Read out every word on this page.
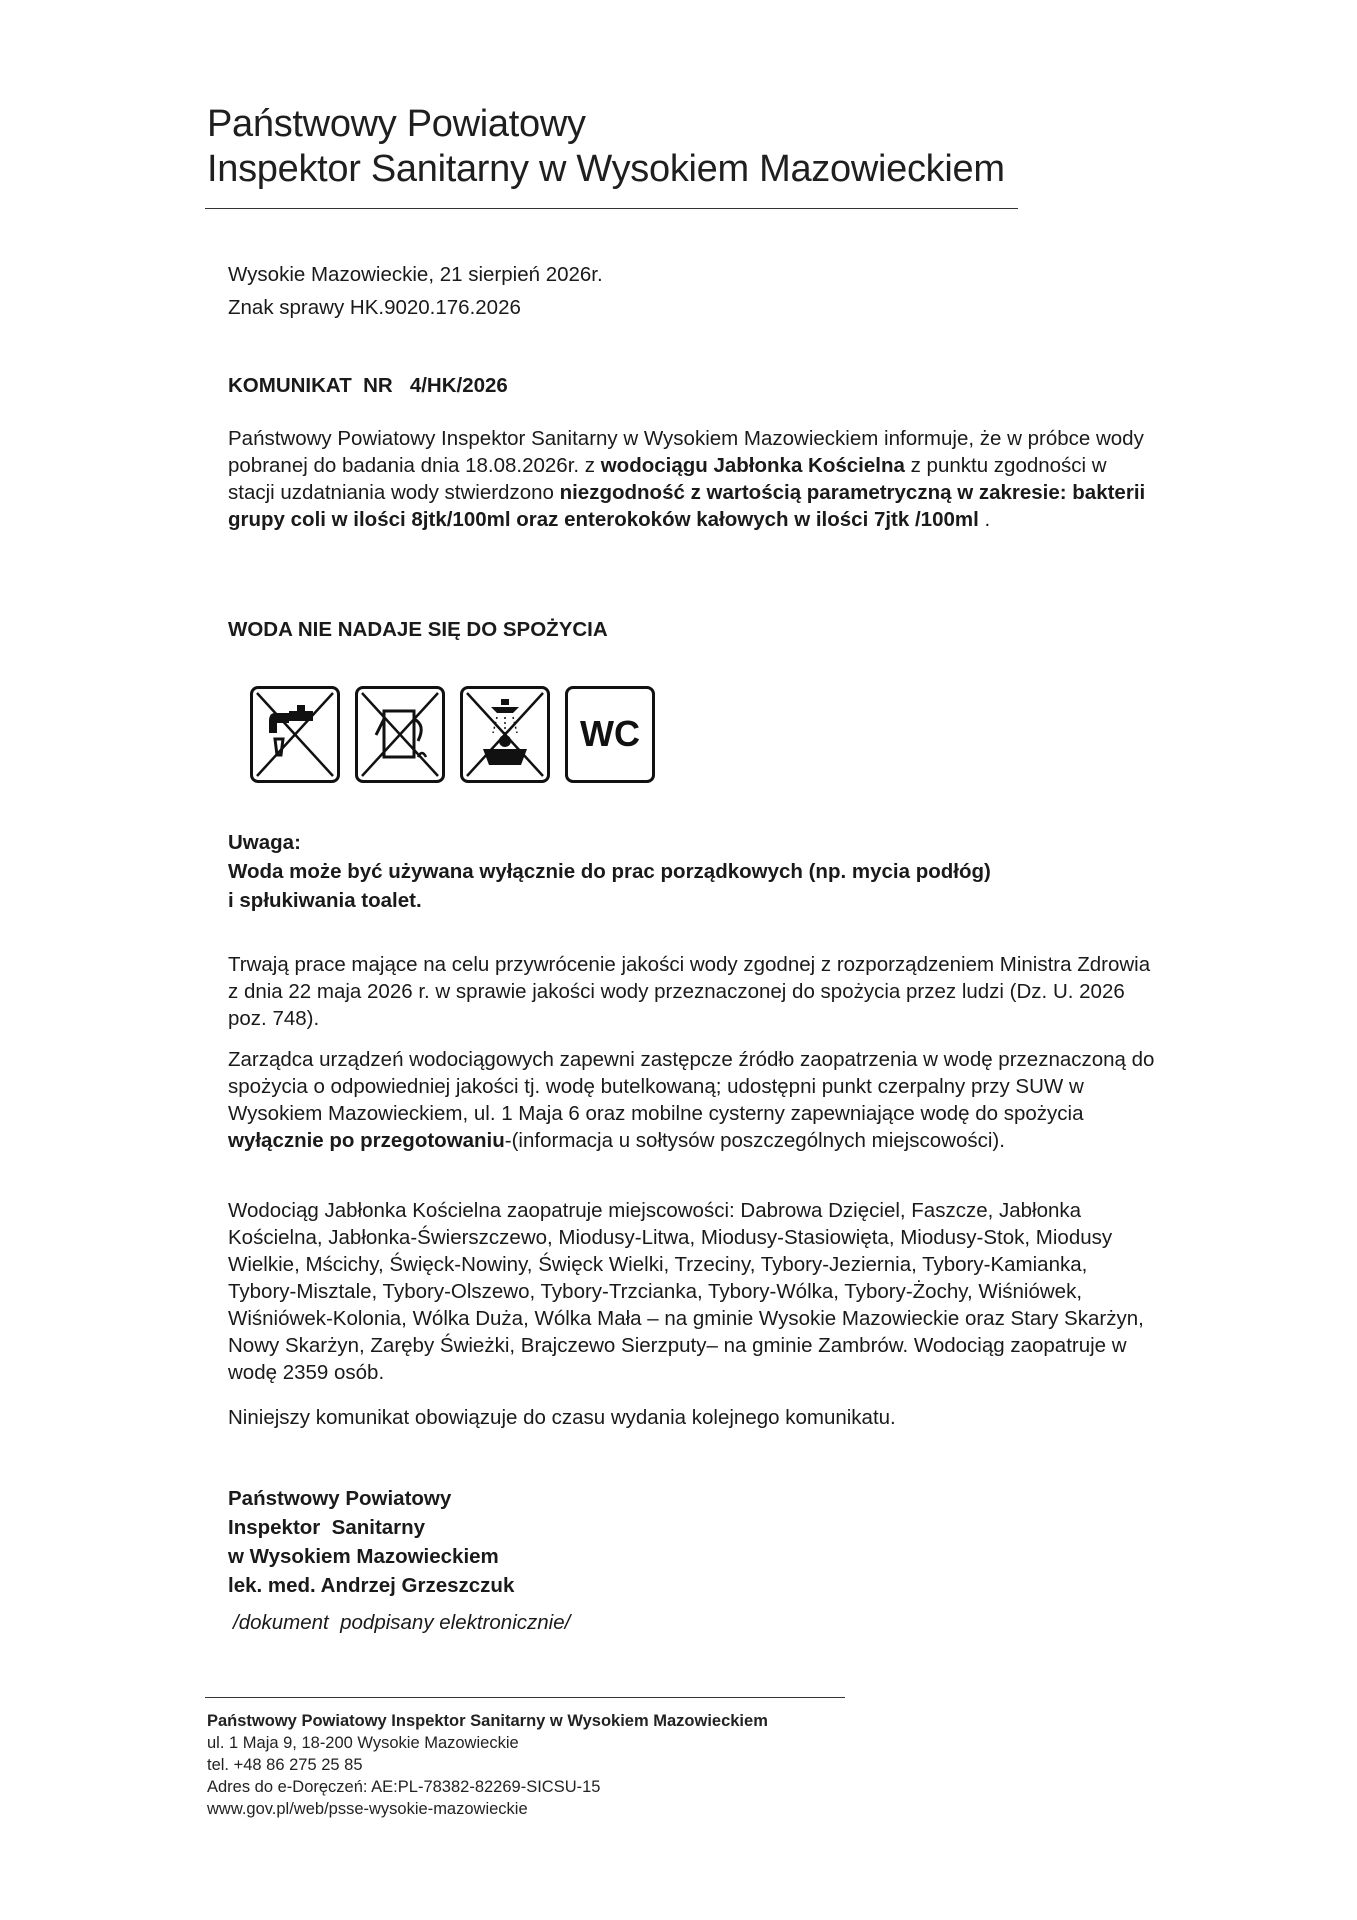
Państwowy Powiatowy
Inspektor Sanitarny w Wysokiem Mazowieckiem
Wysokie Mazowieckie, 21 sierpień 2026r.
Znak sprawy HK.9020.176.2026
KOMUNIKAT  NR   4/HK/2026
Państwowy Powiatowy Inspektor Sanitarny w Wysokiem Mazowieckiem informuje, że w próbce wody pobranej do badania dnia 18.08.2026r. z wodociągu Jabłonka Kościelna z punktu zgodności w stacji uzdatniania wody stwierdzono niezgodność z wartością parametryczną w zakresie: bakterii grupy coli w ilości 8jtk/100ml oraz enterokoków kałowych w ilości 7jtk /100ml .
WODA NIE NADAJE SIĘ DO SPOŻYCIA
WC
Uwaga:
Woda może być używana wyłącznie do prac porządkowych (np. mycia podłóg)
i spłukiwania toalet.
Trwają prace mające na celu przywrócenie jakości wody zgodnej z rozporządzeniem Ministra Zdrowia z dnia 22 maja 2026 r. w sprawie jakości wody przeznaczonej do spożycia przez ludzi (Dz. U. 2026 poz. 748).
Zarządca urządzeń wodociągowych zapewni zastępcze źródło zaopatrzenia w wodę przeznaczoną do spożycia o odpowiedniej jakości tj. wodę butelkowaną; udostępni punkt czerpalny przy SUW w Wysokiem Mazowieckiem, ul. 1 Maja 6 oraz mobilne cysterny zapewniające wodę do spożycia wyłącznie po przegotowaniu-(informacja u sołtysów poszczególnych miejscowości).
Wodociąg Jabłonka Kościelna zaopatruje miejscowości: Dabrowa Dzięciel, Faszcze, Jabłonka Kościelna, Jabłonka-Świerszczewo, Miodusy-Litwa, Miodusy-Stasiowięta, Miodusy-Stok, Miodusy Wielkie, Mścichy, Święck-Nowiny, Święck Wielki, Trzeciny, Tybory-Jeziernia, Tybory-Kamianka, Tybory-Misztale, Tybory-Olszewo, Tybory-Trzcianka, Tybory-Wólka, Tybory-Żochy, Wiśniówek, Wiśniówek-Kolonia, Wólka Duża, Wólka Mała – na gminie Wysokie Mazowieckie oraz Stary Skarżyn, Nowy Skarżyn, Zaręby Świeżki, Brajczewo Sierzputy– na gminie Zambrów. Wodociąg zaopatruje w wodę 2359 osób.
Niniejszy komunikat obowiązuje do czasu wydania kolejnego komunikatu.
Państwowy Powiatowy
Inspektor  Sanitarny
w Wysokiem Mazowieckiem
lek. med. Andrzej Grzeszczuk
/dokument  podpisany elektronicznie/
Państwowy Powiatowy Inspektor Sanitarny w Wysokiem Mazowieckiem
ul. 1 Maja 9, 18-200 Wysokie Mazowieckie
tel. +48 86 275 25 85
Adres do e-Doręczeń: AE:PL-78382-82269-SICSU-15
www.gov.pl/web/psse-wysokie-mazowieckie
